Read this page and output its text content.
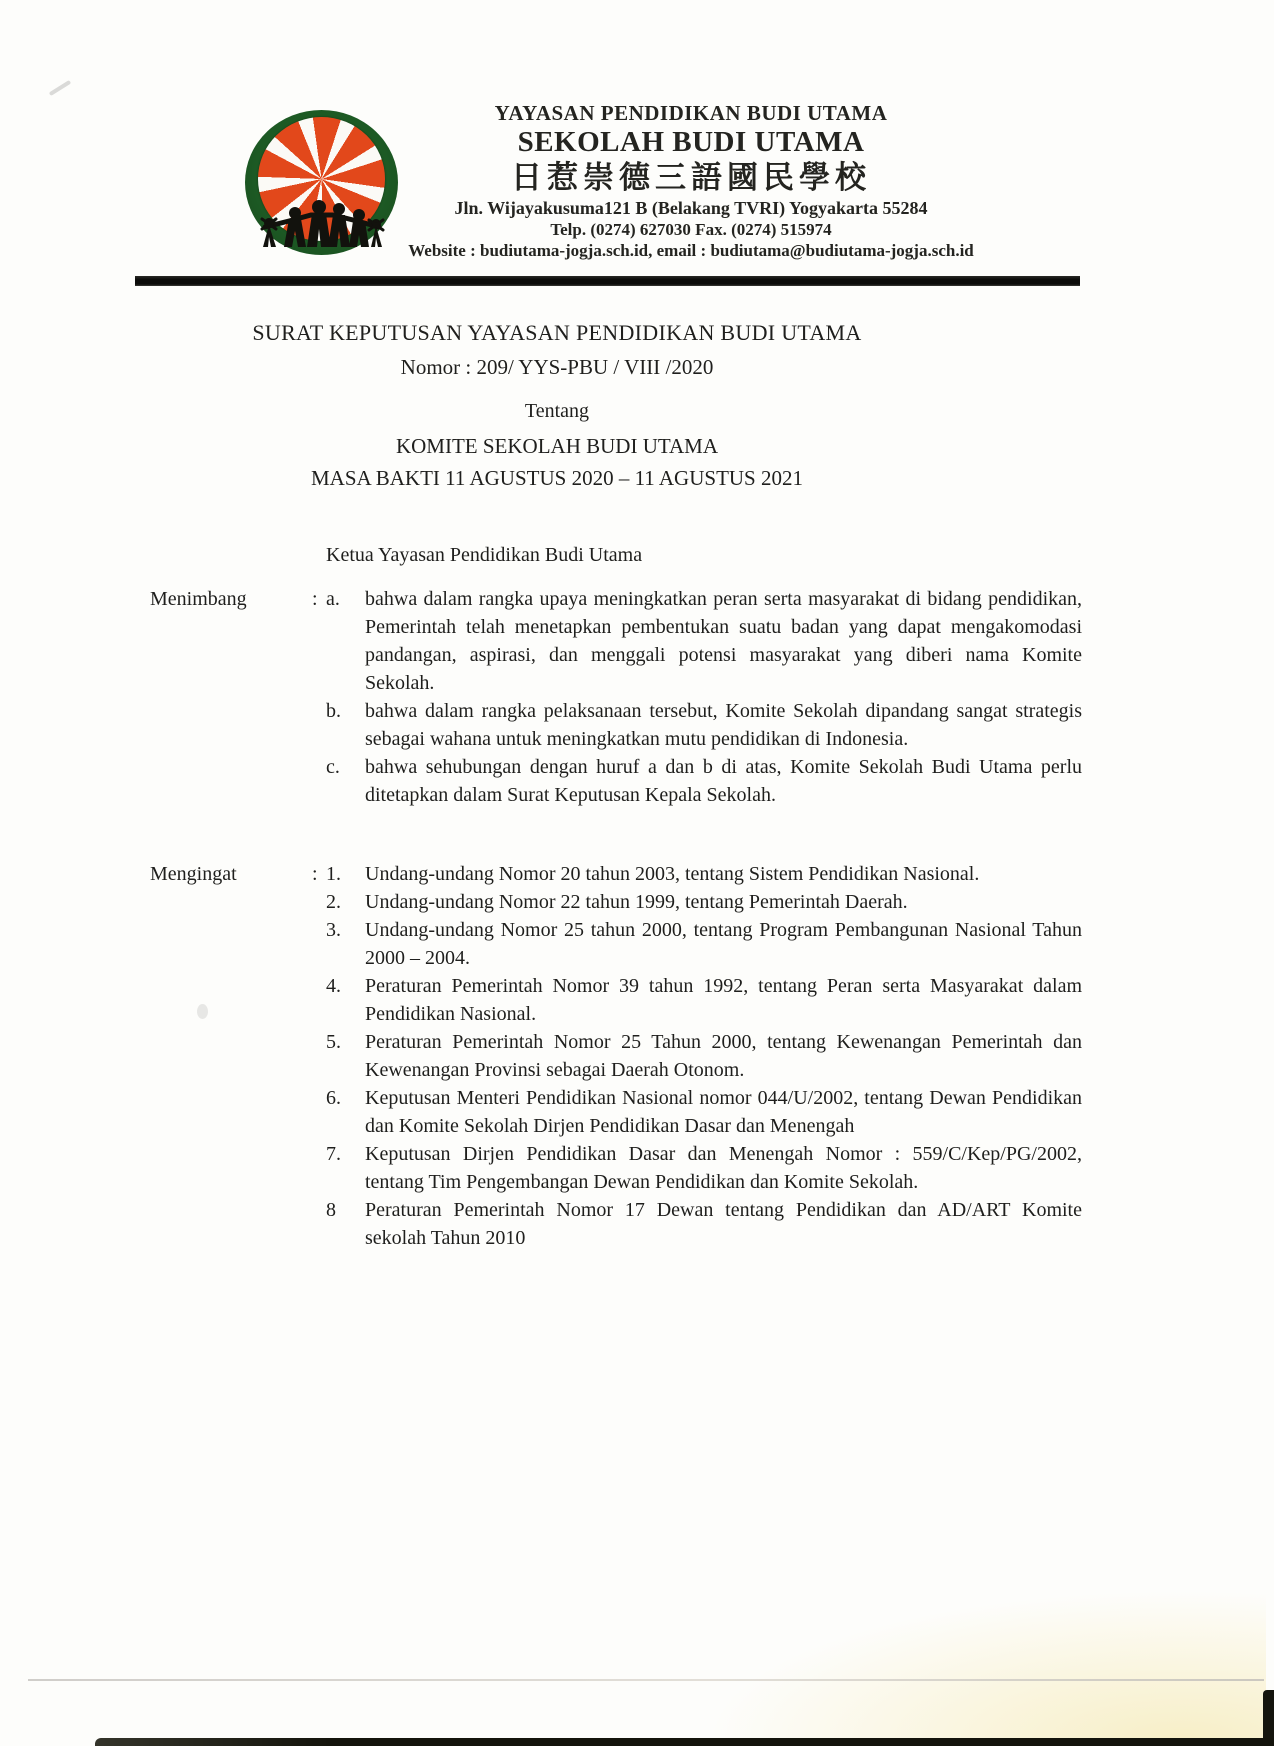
YAYASAN PENDIDIKAN BUDI UTAMA
SEKOLAH BUDI UTAMA
日惹崇德三語國民學校
Jln. Wijayakusuma121 B (Belakang TVRI) Yogyakarta 55284
Telp. (0274) 627030 Fax. (0274) 515974
Website : budiutama-jogja.sch.id, email : budiutama@budiutama-jogja.sch.id
SURAT KEPUTUSAN YAYASAN PENDIDIKAN BUDI UTAMA
Nomor : 209/ YYS-PBU / VIII /2020
Tentang
KOMITE SEKOLAH BUDI UTAMA
MASA BAKTI 11 AGUSTUS 2020 – 11 AGUSTUS 2021
Ketua Yayasan Pendidikan Budi Utama
Menimbang	: a.	bahwa dalam rangka upaya meningkatkan peran serta masyarakat di bidang pendidikan, Pemerintah telah menetapkan pembentukan suatu badan yang dapat mengakomodasi pandangan, aspirasi, dan menggali potensi masyarakat yang diberi nama Komite Sekolah.
b.	bahwa dalam rangka pelaksanaan tersebut, Komite Sekolah dipandang sangat strategis sebagai wahana untuk meningkatkan mutu pendidikan di Indonesia.
c.	bahwa sehubungan dengan huruf a dan b di atas, Komite Sekolah Budi Utama perlu ditetapkan dalam Surat Keputusan Kepala Sekolah.
Mengingat	: 1.	Undang-undang Nomor 20 tahun 2003, tentang Sistem Pendidikan Nasional.
2.	Undang-undang Nomor 22 tahun 1999, tentang Pemerintah Daerah.
3.	Undang-undang Nomor 25 tahun 2000, tentang Program Pembangunan Nasional Tahun 2000 – 2004.
4.	Peraturan Pemerintah Nomor 39 tahun 1992, tentang Peran serta Masyarakat dalam Pendidikan Nasional.
5.	Peraturan Pemerintah Nomor 25 Tahun 2000, tentang Kewenangan Pemerintah dan Kewenangan Provinsi sebagai Daerah Otonom.
6.	Keputusan Menteri Pendidikan Nasional nomor 044/U/2002, tentang Dewan Pendidikan dan Komite Sekolah Dirjen Pendidikan Dasar dan Menengah
7.	Keputusan Dirjen Pendidikan Dasar dan Menengah Nomor : 559/C/Kep/PG/2002, tentang Tim Pengembangan Dewan Pendidikan dan Komite Sekolah.
8	Peraturan Pemerintah Nomor 17 Dewan tentang Pendidikan dan AD/ART Komite sekolah Tahun 2010
